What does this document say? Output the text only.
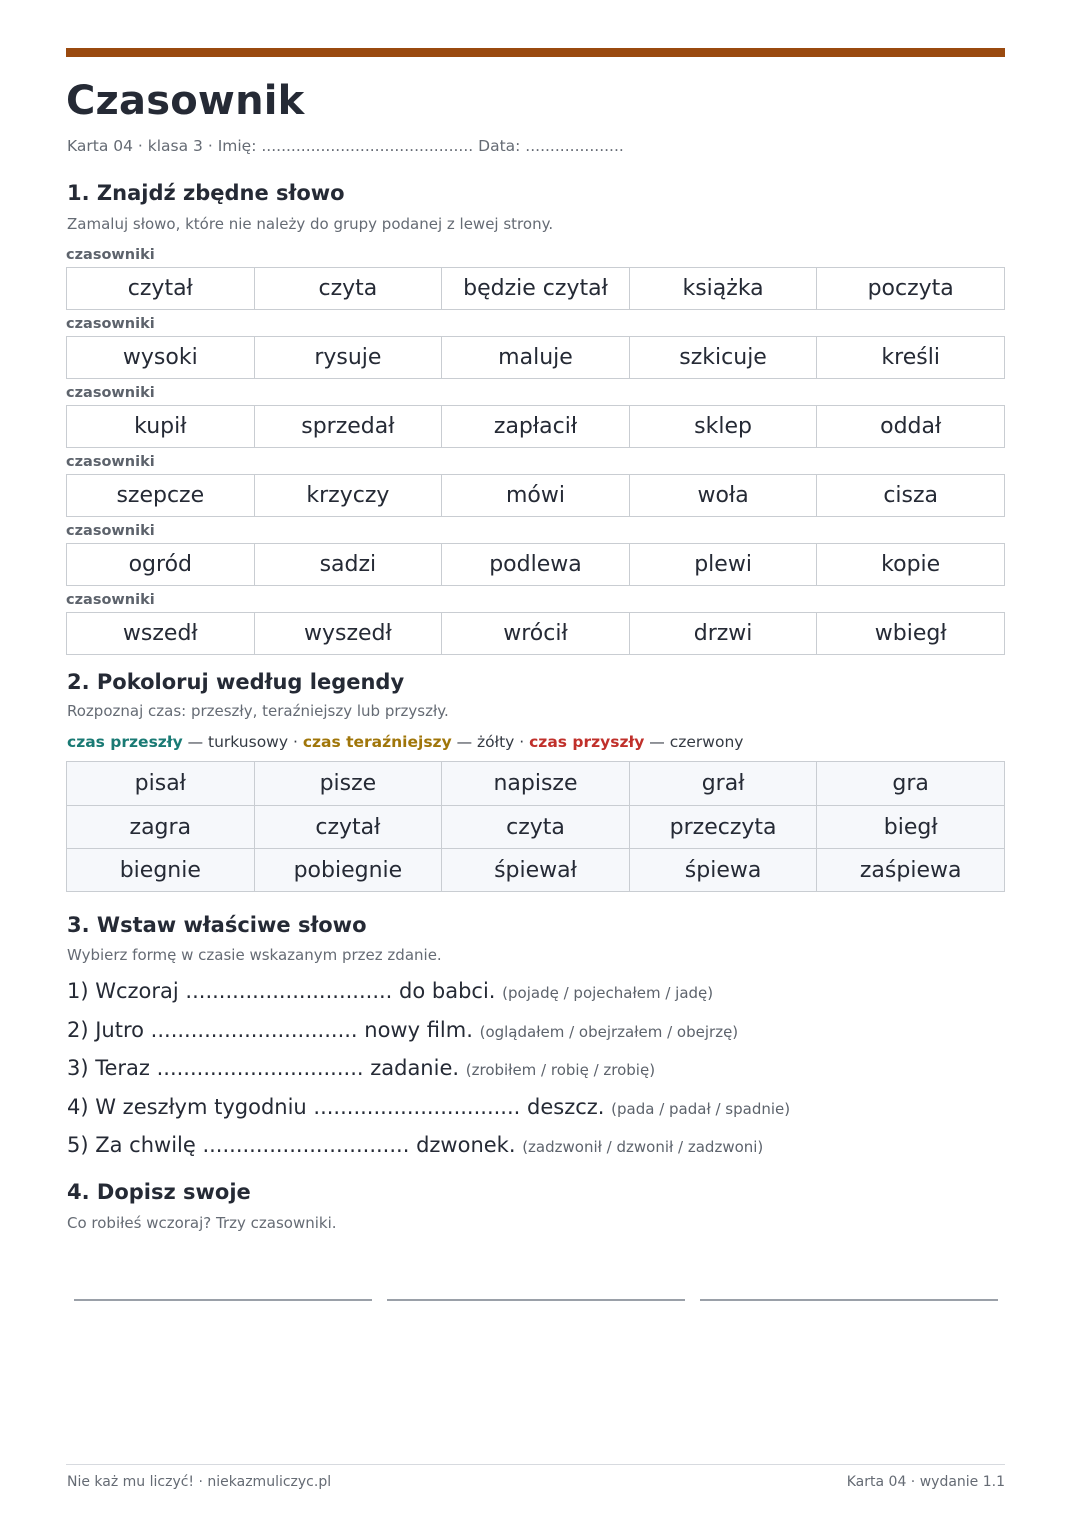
Czasownik
Karta 04 · klasa 3 · Imię: ........................................... Data: ....................
1. Znajdź zbędne słowo
Zamaluj słowo, które nie należy do grupy podanej z lewej strony.
czasowniki
czytał	czyta	będzie czytał	książka	poczyta
czasowniki
wysoki	rysuje	maluje	szkicuje	kreśli
czasowniki
kupił	sprzedał	zapłacił	sklep	oddał
czasowniki
szepcze	krzyczy	mówi	woła	cisza
czasowniki
ogród	sadzi	podlewa	plewi	kopie
czasowniki
wszedł	wyszedł	wrócił	drzwi	wbiegł
2. Pokoloruj według legendy
Rozpoznaj czas: przeszły, teraźniejszy lub przyszły.
czas przeszły — turkusowy · czas teraźniejszy — żółty · czas przyszły — czerwony
pisał	pisze	napisze	grał	gra
zagra	czytał	czyta	przeczyta	biegł
biegnie	pobiegnie	śpiewał	śpiewa	zaśpiewa
3. Wstaw właściwe słowo
Wybierz formę w czasie wskazanym przez zdanie.
1) Wczoraj ............................... do babci. (pojadę / pojechałem / jadę)
2) Jutro ............................... nowy film. (oglądałem / obejrzałem / obejrzę)
3) Teraz ............................... zadanie. (zrobiłem / robię / zrobię)
4) W zeszłym tygodniu ............................... deszcz. (pada / padał / spadnie)
5) Za chwilę ............................... dzwonek. (zadzwonił / dzwonił / zadzwoni)
4. Dopisz swoje
Co robiłeś wczoraj? Trzy czasowniki.
Nie każ mu liczyć! · niekazmuliczyc.pl	Karta 04 · wydanie 1.1
